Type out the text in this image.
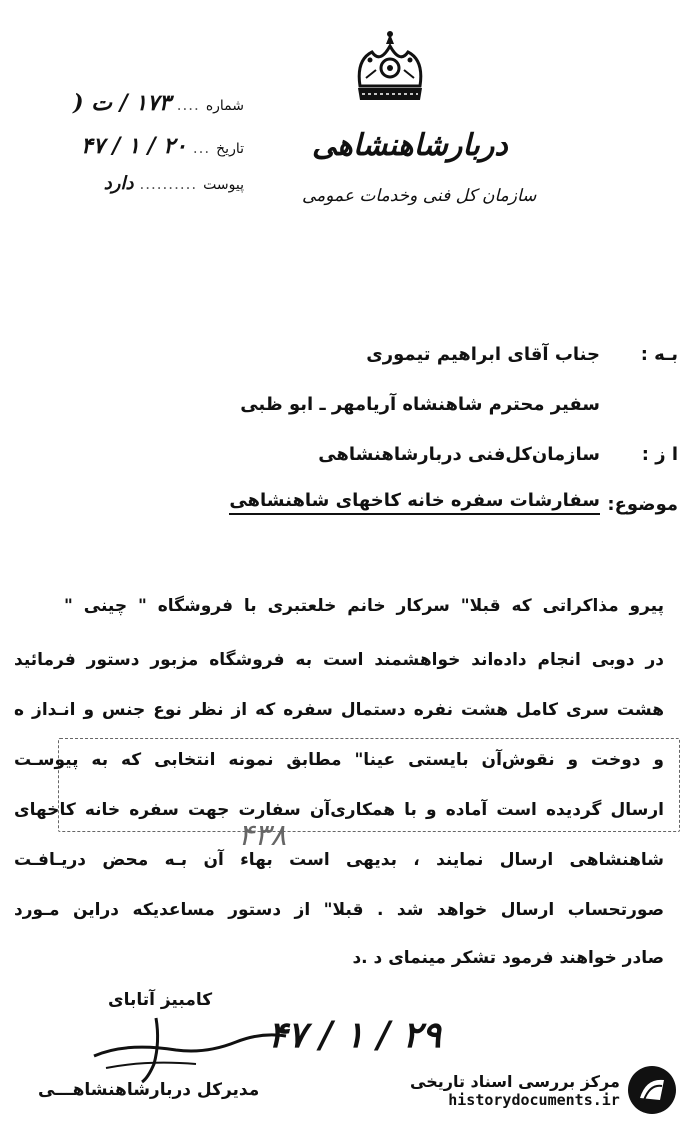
دربارشاهنشاهی
سازمان کل فنی وخدمات عمومی
شماره
....
۱۷۳ / ت (
تاریخ
...
۲۰ / ۱ / ۴۷
پیوست
..........
دارد
بـه :
جناب آقای ابراهیم تیموری
سفیر محترم شاهنشاه آریامهر ـ ابو ظبی
ا ز :
سازمان‌کل‌فنی دربارشاهنشاهی
موضوع:
سفارشات سفره خانه کاخهای شاهنشاهی
۴۳۸
پیرو مذاکراتی که قبلا" سرکار خانم خلعتبری با فروشگاه " چینی "
در دوبی انجام داده‌اند خواهشمند است به فروشگاه مزبور دستور فرمائید
هشت سری کامل هشت نفره دستمال سفره که از نظر نوع جنس و انـداز ه
و دوخت و نقوش‌آن بایستی عینا" مطابق نمونه انتخابی که به پیوسـت
ارسال گردیده است آماده و با همکاری‌آن سفارت جهت سفره خانه کاخهای
شاهنشاهی ارسال نمایند ، بدیهی است بهاء آن بـه محض دریـافـت
صورتحساب ارسال خواهد شد . قبلا" از دستور مساعدیکه دراین مـورد
صادر خواهند فرمود تشکر مینمای د .د
کامبیز آتابای
۲۹ / ۱ / ۴۷
مدیرکل دربارشاهنشاهـــی	مرکز بررسی اسناد تاریخی
historydocuments.ir
